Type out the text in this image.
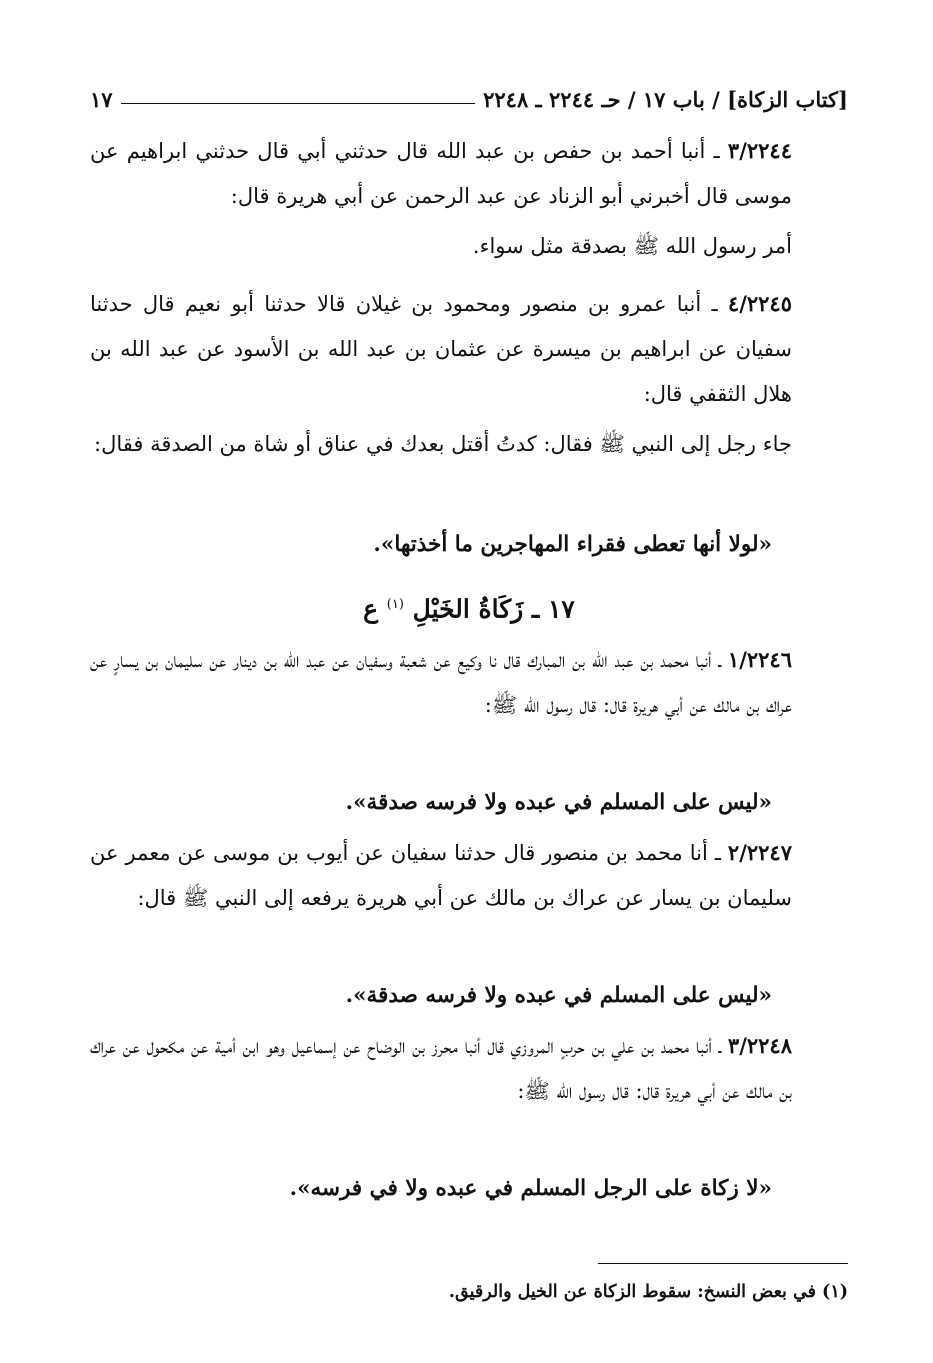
[كتاب الزكاة] / باب ١٧ / حـ ٢٢٤٤ ـ ٢٢٤٨
١٧
٣/٢٢٤٤ ـ أنبا أحمد بن حفص بن عبد الله قال حدثني أبي قال حدثني ابراهيم عن موسى قال أخبرني أبو الزناد عن عبد الرحمن عن أبي هريرة قال:
أمر رسول الله ﷺ بصدقة مثل سواء.
٤/٢٢٤٥ ـ أنبا عمرو بن منصور ومحمود بن غيلان قالا حدثنا أبو نعيم قال حدثنا سفيان عن ابراهيم بن ميسرة عن عثمان بن عبد الله بن الأسود عن عبد الله بن هلال الثقفي قال:
جاء رجل إلى النبي ﷺ فقال: كدتُ أقتل بعدك في عناق أو شاة من الصدقة فقال:
«لولا أنها تعطى فقراء المهاجرين ما أخذتها».
١٧ ـ زَكَاةُ الخَيْلِ $^{(١)}$ ﻉ
١/٢٢٤٦ ـ أنبا محمد بن عبد الله بن المبارك قال نا وكيع عن شعبة وسفيان عن عبد الله بن دينار عن سليمان بن يسارٍ عن عراك بن مالك عن أبي هريرة قال: قال رسول الله ﷺ:
«ليس على المسلم في عبده ولا فرسه صدقة».
٢/٢٢٤٧ ـ أنا محمد بن منصور قال حدثنا سفيان عن أيوب بن موسى عن معمر عن سليمان بن يسار عن عراك بن مالك عن أبي هريرة يرفعه إلى النبي ﷺ قال:
«ليس على المسلم في عبده ولا فرسه صدقة».
٣/٢٢٤٨ ـ أنبا محمد بن علي بن حربٍ المروزي قال أنبا محرز بن الوضاح عن إسماعيل وهو ابن أمية عن مكحول عن عراك بن مالك عن أبي هريرة قال: قال رسول الله ﷺ:
«لا زكاة على الرجل المسلم في عبده ولا في فرسه».
(١) في بعض النسخ: سقوط الزكاة عن الخيل والرقيق.
